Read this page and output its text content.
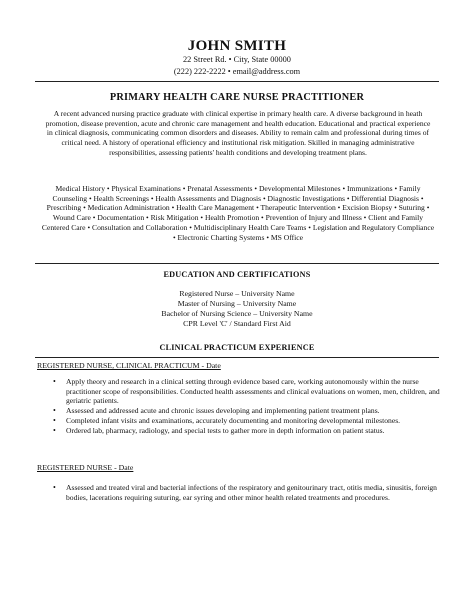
JOHN SMITH
22 Street Rd. • City, State 00000
(222) 222-2222 • email@address.com
PRIMARY HEALTH CARE NURSE PRACTITIONER

A recent advanced nursing practice graduate with clinical expertise in primary health care. A diverse background in heath promotion, disease prevention, acute and chronic care management and health education. Educational and practical experience in clinical diagnosis, communicating common disorders and diseases. Ability to remain calm and professional during times of critical need. A history of operational efficiency and institutional risk mitigation. Skilled in managing administrative responsibilities, assessing patients' health conditions and developing treatment plans.

Medical History • Physical Examinations • Prenatal Assessments • Developmental Milestones • Immunizations • Family Counseling • Health Screenings • Health Assessments and Diagnosis • Diagnostic Investigations • Differential Diagnosis • Prescribing • Medication Administration • Health Care Management • Therapeutic Intervention • Excision Biopsy • Suturing • Wound Care • Documentation • Risk Mitigation • Health Promotion • Prevention of Injury and Illness • Client and Family Centered Care • Consultation and Collaboration • Multidisciplinary Health Care Teams • Legislation and Regulatory Compliance • Electronic Charting Systems • MS Office

EDUCATION AND CERTIFICATIONS
Registered Nurse – University Name
Master of Nursing – University Name
Bachelor of Nursing Science – University Name
CPR Level 'C' / Standard First Aid
CLINICAL PRACTICUM EXPERIENCE
REGISTERED NURSE, CLINICAL PRACTICUM - Date
• Apply theory and research in a clinical setting through evidence based care, working autonomously within the nurse practitioner scope of responsibilities. Conducted health assessments and clinical evaluations on women, men, children, and geriatric patients.
• Assessed and addressed acute and chronic issues developing and implementing patient treatment plans.
• Completed infant visits and examinations, accurately documenting and monitoring developmental milestones.
• Ordered lab, pharmacy, radiology, and special tests to gather more in depth information on patient status.
REGISTERED NURSE - Date
• Assessed and treated viral and bacterial infections of the respiratory and genitourinary tract, otitis media, sinusitis, foreign bodies, lacerations requiring suturing, ear syring and other minor health related treatments and procedures.
